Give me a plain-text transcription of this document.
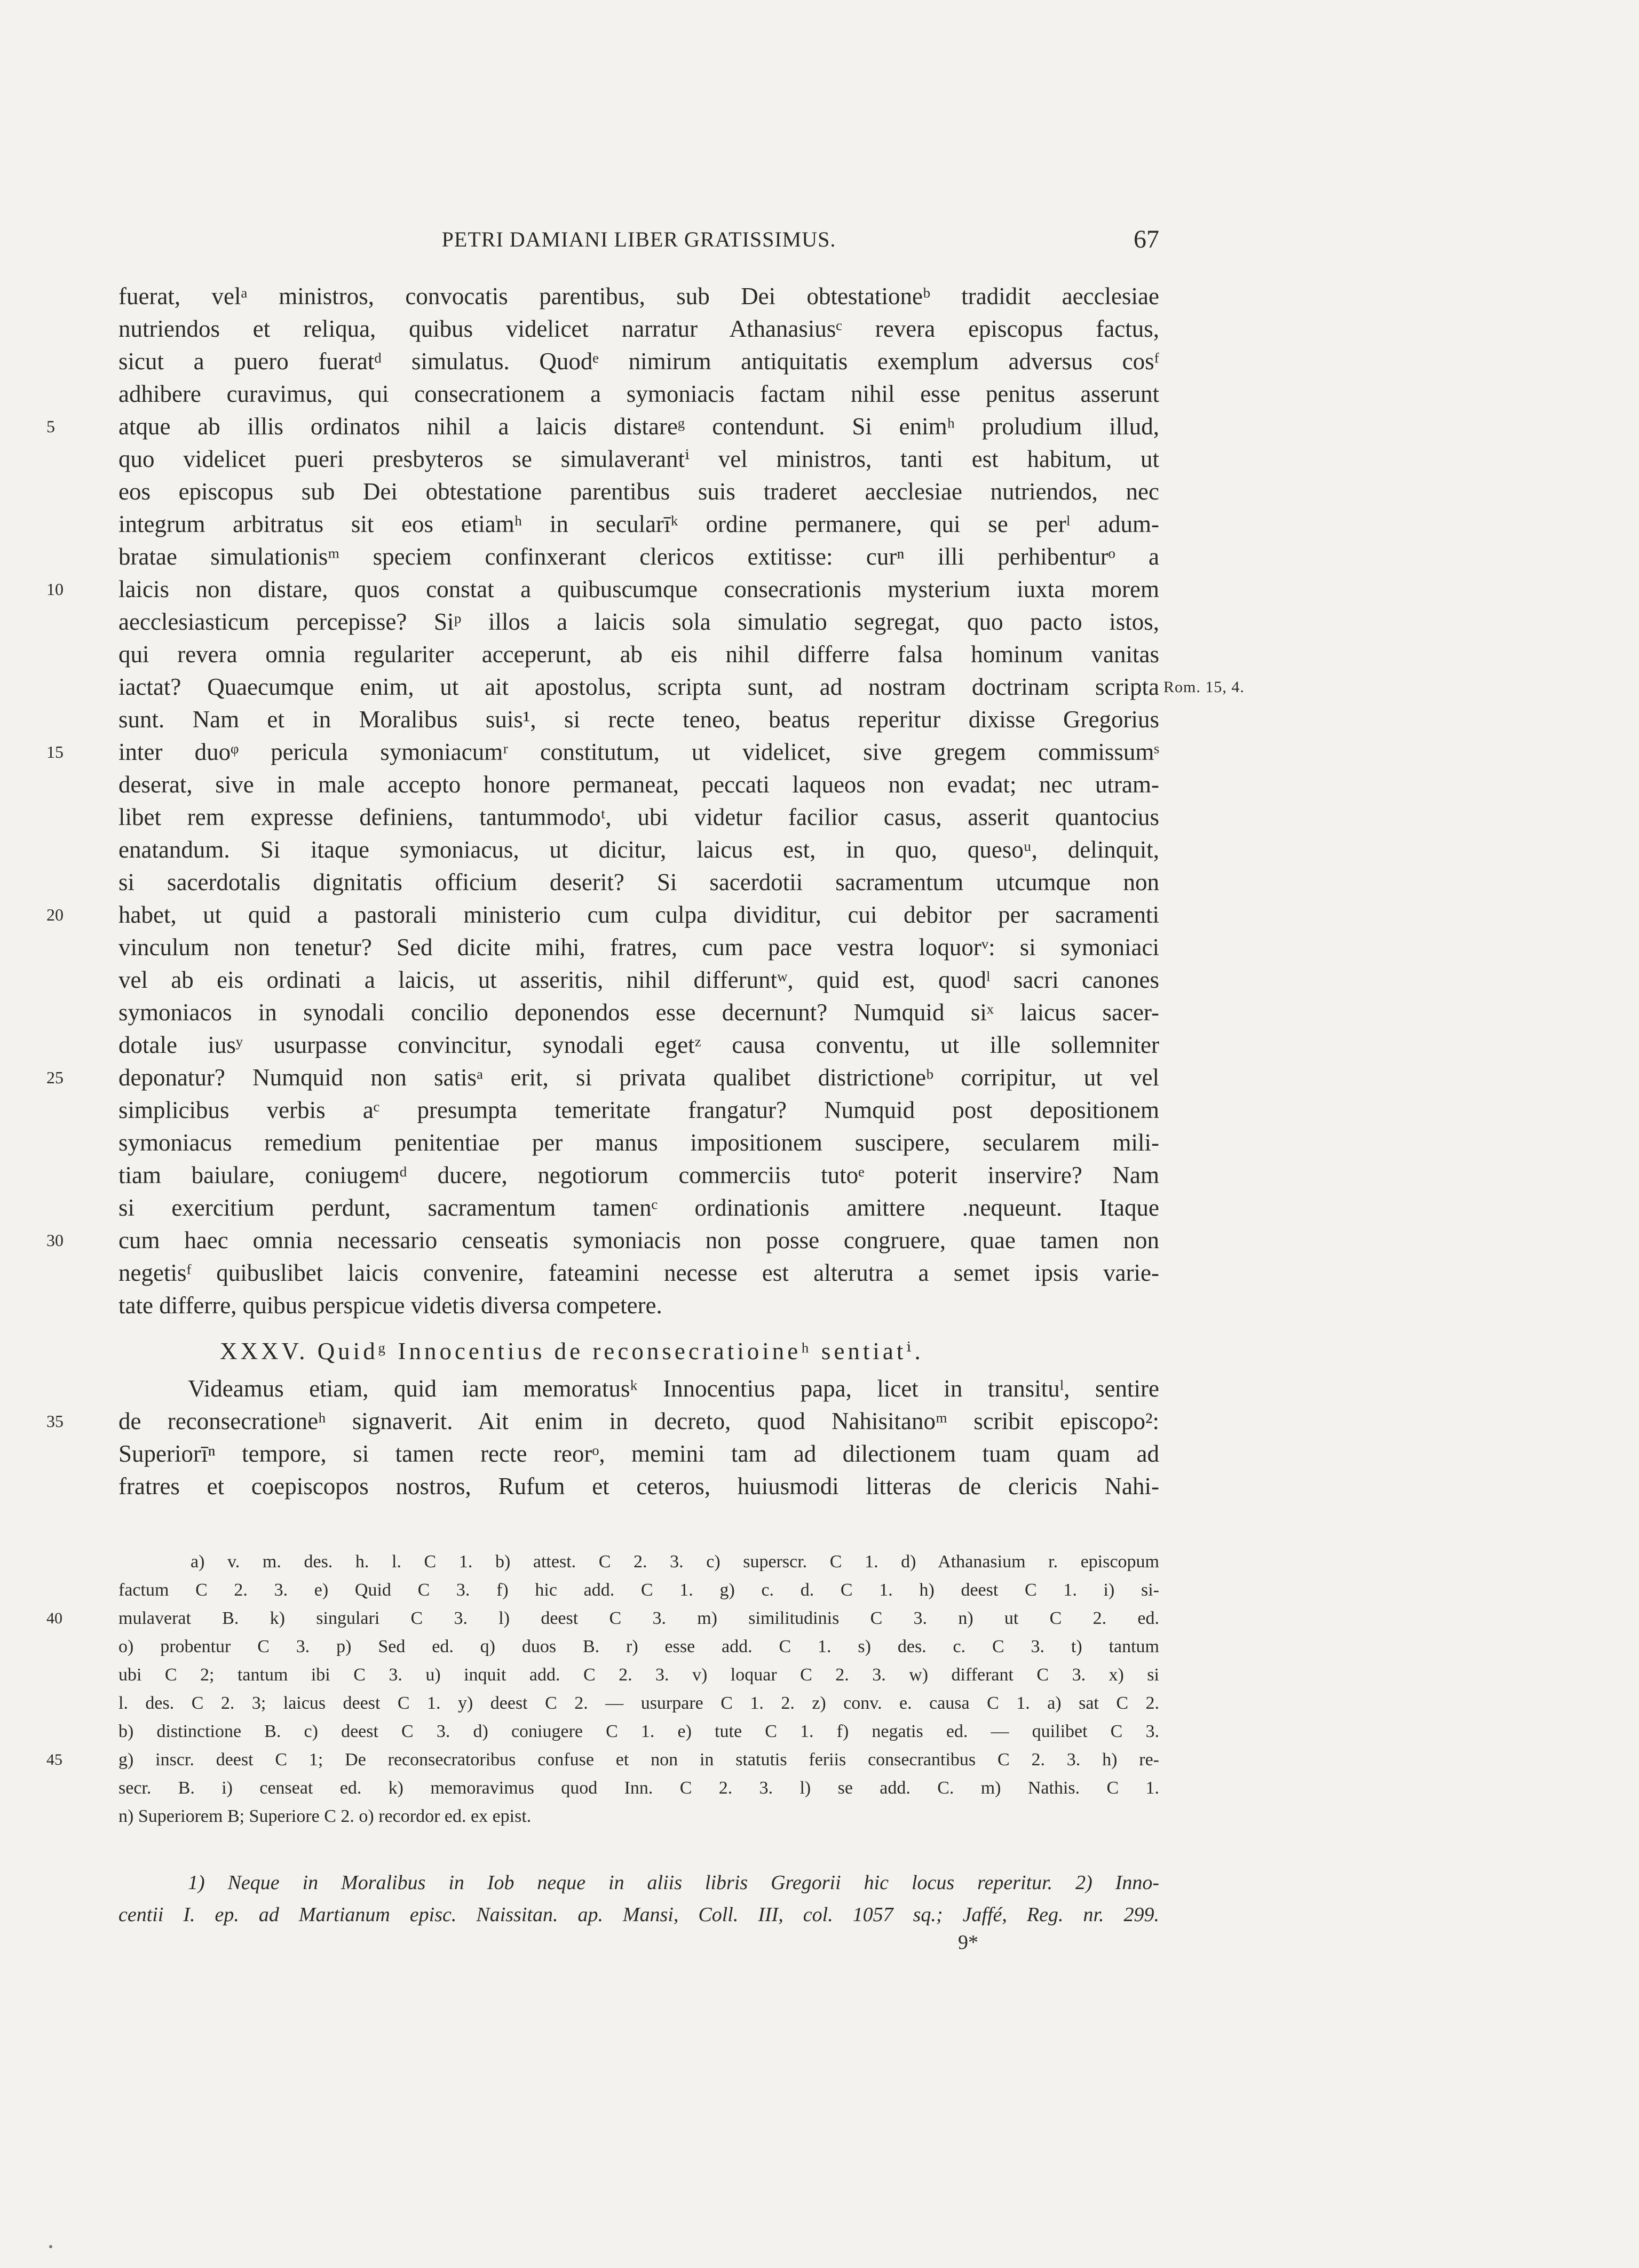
PETRI DAMIANI LIBER GRATISSIMUS.	67
fuerat, velᵃ ministros, convocatis parentibus, sub Dei obtestationeᵇ tradidit aecclesiae
nutriendos et reliqua, quibus videlicet narratur Athanasiusᶜ revera episcopus factus,
sicut a puero fueratᵈ simulatus. Quodᵉ nimirum antiquitatis exemplum adversus cosᶠ
adhibere curavimus, qui consecrationem a symoniacis factam nihil esse penitus asserunt
atque ab illis ordinatos nihil a laicis distareᵍ contendunt. Si enimʰ proludium illud,
5
quo videlicet pueri presbyteros se simulaverantⁱ vel ministros, tanti est habitum, ut
eos episcopus sub Dei obtestatione parentibus suis traderet aecclesiae nutriendos, nec
integrum arbitratus sit eos etiamʰ in secularīᵏ ordine permanere, qui se perˡ adum-
bratae simulationisᵐ speciem confinxerant clericos extitisse: curⁿ illi perhibenturᵒ a
laicis non distare, quos constat a quibuscumque consecrationis mysterium iuxta morem
10
aecclesiasticum percepisse? Siᵖ illos a laicis sola simulatio segregat, quo pacto istos,
qui revera omnia regulariter acceperunt, ab eis nihil differre falsa hominum vanitas
iactat? Quaecumque enim, ut ait apostolus, scripta sunt, ad nostram doctrinam scripta Rom. 15, 4.
sunt. Nam et in Moralibus suis¹, si recte teneo, beatus reperitur dixisse Gregorius
inter duoᵠ pericula symoniacumʳ constitutum, ut videlicet, sive gregem commissumˢ
15
deserat, sive in male accepto honore permaneat, peccati laqueos non evadat; nec utram-
libet rem expresse definiens, tantummodoᵗ, ubi videtur facilior casus, asserit quantocius
enatandum. Si itaque symoniacus, ut dicitur, laicus est, in quo, quesoᵘ, delinquit,
si sacerdotalis dignitatis officium deserit? Si sacerdotii sacramentum utcumque non
habet, ut quid a pastorali ministerio cum culpa dividitur, cui debitor per sacramenti
20
vinculum non tenetur? Sed dicite mihi, fratres, cum pace vestra loquorᵛ: si symoniaci
vel ab eis ordinati a laicis, ut asseritis, nihil differuntʷ, quid est, quodˡ sacri canones
symoniacos in synodali concilio deponendos esse decernunt? Numquid siˣ laicus sacer-
dotale iusʸ usurpasse convincitur, synodali egetᶻ causa conventu, ut ille sollemniter
deponatur? Numquid non satisᵃ erit, si privata qualibet districtioneᵇ corripitur, ut vel
25
simplicibus verbis aᶜ presumpta temeritate frangatur? Numquid post depositionem
symoniacus remedium penitentiae per manus impositionem suscipere, secularem mili-
tiam baiulare, coniugemᵈ ducere, negotiorum commerciis tutoᵉ poterit inservire? Nam
si exercitium perdunt, sacramentum tamenᶜ ordinationis amittere .nequeunt. Itaque
cum haec omnia necessario censeatis symoniacis non posse congruere, quae tamen non
30
negetisᶠ quibuslibet laicis convenire, fateamini necesse est alterutra a semet ipsis varie-
tate differre, quibus perspicue videtis diversa competere.
XXXV. Quidᵍ Innocentius de reconsecratioineʰ sentiatⁱ.
Videamus etiam, quid iam memoratusᵏ Innocentius papa, licet in transituˡ, sentire
de reconsecrationeʰ signaverit. Ait enim in decreto, quod Nahisitanoᵐ scribit episcopo²:
35
Superiorīⁿ tempore, si tamen recte reorᵒ, memini tam ad dilectionem tuam quam ad
fratres et coepiscopos nostros, Rufum et ceteros, huiusmodi litteras de clericis Nahi-
a) v. m. des. h. l. C 1. b) attest. C 2. 3. c) superscr. C 1. d) Athanasium r. episcopum
factum C 2. 3. e) Quid C 3. f) hic add. C 1. g) c. d. C 1. h) deest C 1. i) si-
mulaverat B. k) singulari C 3. l) deest C 3. m) similitudinis C 3. n) ut C 2. ed.
40
o) probentur C 3. p) Sed ed. q) duos B. r) esse add. C 1. s) des. c. C 3. t) tantum
ubi C 2; tantum ibi C 3. u) inquit add. C 2. 3. v) loquar C 2. 3. w) differant C 3. x) si
l. des. C 2. 3; laicus deest C 1. y) deest C 2. — usurpare C 1. 2. z) conv. e. causa C 1. a) sat C 2.
b) distinctione B. c) deest C 3. d) coniugere C 1. e) tute C 1. f) negatis ed. — quilibet C 3.
g) inscr. deest C 1; De reconsecratoribus confuse et non in statutis feriis consecrantibus C 2. 3. h) re-
45
secr. B. i) censeat ed. k) memoravimus quod Inn. C 2. 3. l) se add. C. m) Nathis. C 1.
n) Superiorem B; Superiore C 2. o) recordor ed. ex epist.
1) Neque in Moralibus in Iob neque in aliis libris Gregorii hic locus reperitur. 2) Inno-
centii I. ep. ad Martianum episc. Naissitan. ap. Mansi, Coll. III, col. 1057 sq.; Jaffé, Reg. nr. 299.
9*
